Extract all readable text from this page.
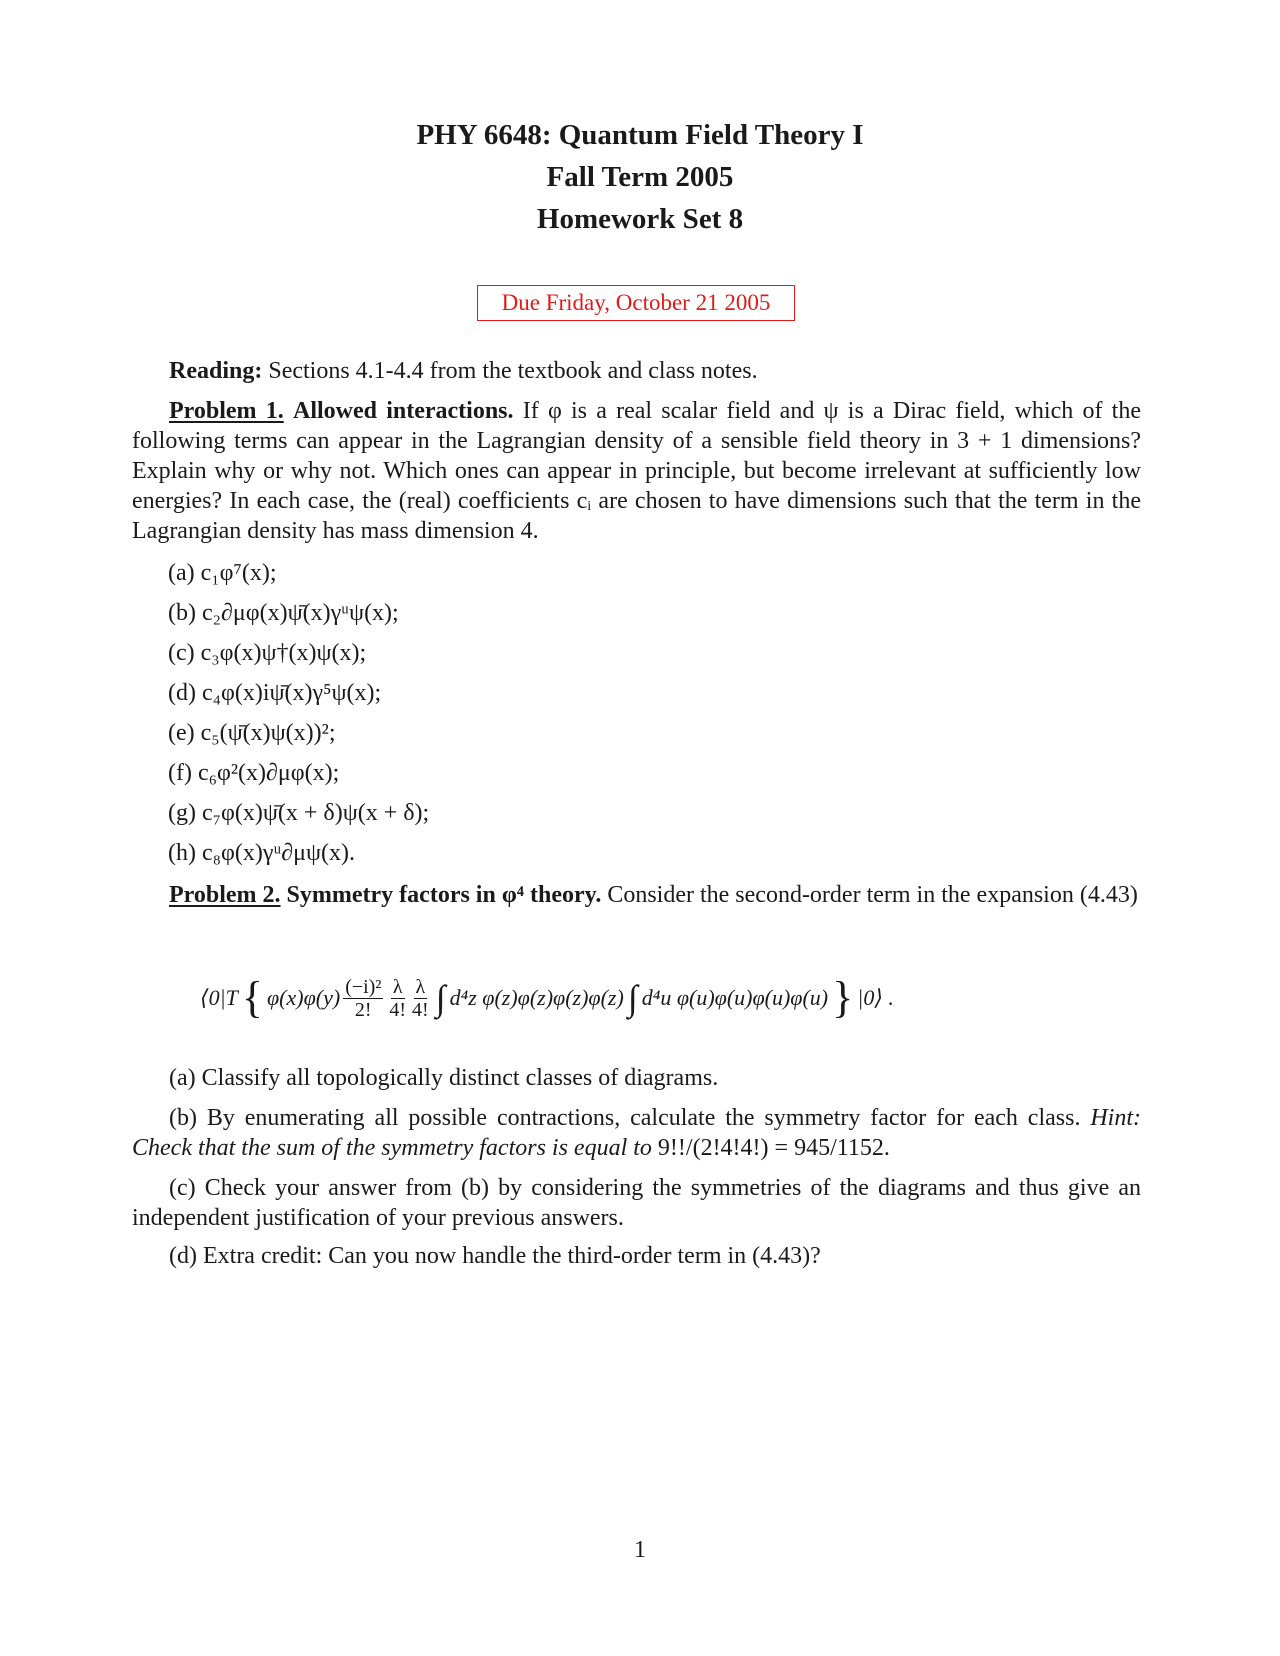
PHY 6648: Quantum Field Theory I
Fall Term 2005
Homework Set 8
Due Friday, October 21 2005
Reading: Sections 4.1-4.4 from the textbook and class notes.
Problem 1. Allowed interactions. If φ is a real scalar field and ψ is a Dirac field, which of the following terms can appear in the Lagrangian density of a sensible field theory in 3 + 1 dimensions? Explain why or why not. Which ones can appear in principle, but become irrelevant at sufficiently low energies? In each case, the (real) coefficients cᵢ are chosen to have dimensions such that the term in the Lagrangian density has mass dimension 4.
(a) c₁φ⁷(x);
(b) c₂∂μφ(x)ψ̄(x)γᵘψ(x);
(c) c₃φ(x)ψ†(x)ψ(x);
(d) c₄φ(x)iψ̄(x)γ⁵ψ(x);
(e) c₅(ψ̄(x)ψ(x))²;
(f) c₆φ²(x)∂μφ(x);
(g) c₇φ(x)ψ̄(x + δ)ψ(x + δ);
(h) c₈φ(x)γᵘ∂μψ(x).
Problem 2. Symmetry factors in φ⁴ theory. Consider the second-order term in the expansion (4.43)
⟨0|T { $\varphi(x)\varphi(y) \frac{\text{(−i)²}}{2!} \frac{\lambda}{4!} \frac{\lambda}{4!}$ ∫ d⁴z φ(z)φ(z)φ(z)φ(z) ∫ d⁴u φ(u)φ(u)φ(u)φ(u) } |0⟩ .
(a) Classify all topologically distinct classes of diagrams.
(b) By enumerating all possible contractions, calculate the symmetry factor for each class. Hint: Check that the sum of the symmetry factors is equal to 9!!/(2!4!4!) = 945/1152.
(c) Check your answer from (b) by considering the symmetries of the diagrams and thus give an independent justification of your previous answers.
(d) Extra credit: Can you now handle the third-order term in (4.43)?
1
